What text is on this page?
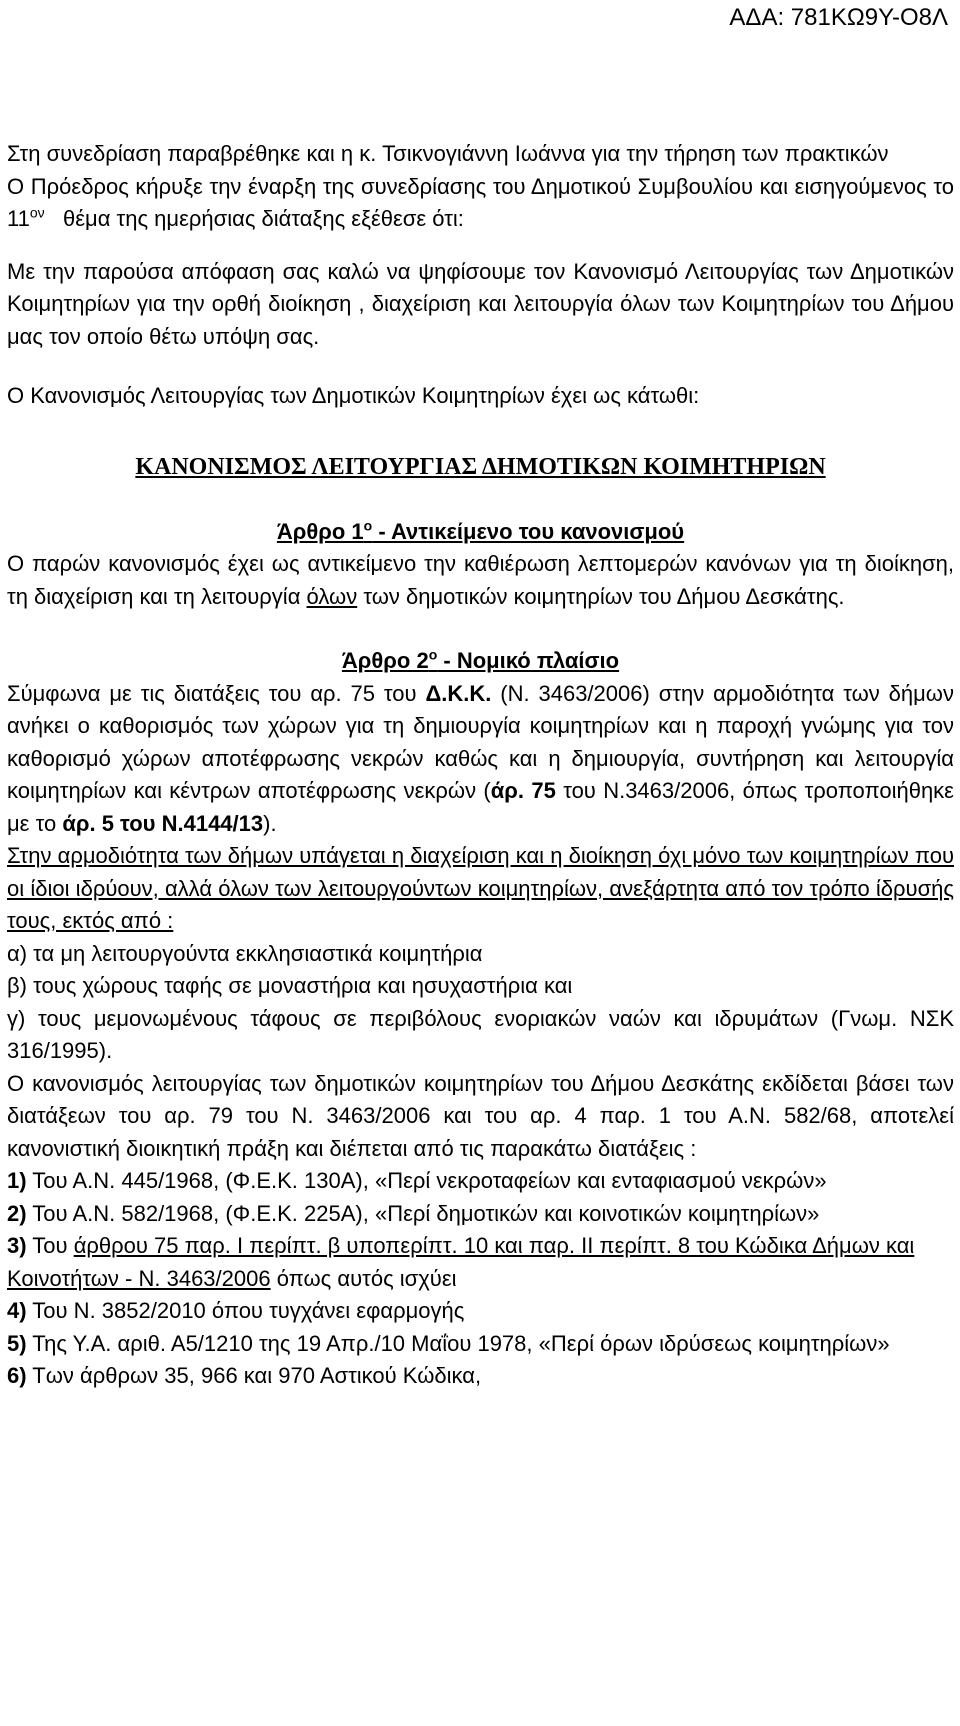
ΑΔΑ: 781ΚΩ9Υ-Ο8Λ

Στη συνεδρίαση παραβρέθηκε και η κ. Τσικνογιάννη Ιωάννα για την τήρηση των πρακτικών

Ο Πρόεδρος κήρυξε την έναρξη της συνεδρίασης του Δημοτικού Συμβουλίου και εισηγούμενος το $11^{o\nu}$   θέμα της ημερήσιας διάταξης εξέθεσε ότι:

Με την παρούσα απόφαση σας καλώ να ψηφίσουμε τον Κανονισμό Λειτουργίας των Δημοτικών Κοιμητηρίων για την ορθή διοίκηση , διαχείριση και λειτουργία όλων των Κοιμητηρίων του Δήμου μας τον οποίο θέτω υπόψη σας.

Ο Κανονισμός Λειτουργίας των Δημοτικών Κοιμητηρίων έχει ως κάτωθι:

ΚΑΝΟΝΙΣΜΟΣ ΛΕΙΤΟΥΡΓΙΑΣ ΔΗΜΟΤΙΚΩΝ ΚΟΙΜΗΤΗΡΙΩΝ

Άρθρο $1^o$ - Αντικείμενο του κανονισμού

Ο παρών κανονισμός έχει ως αντικείμενο την καθιέρωση λεπτομερών κανόνων για τη διοίκηση, τη διαχείριση και τη λειτουργία όλων των δημοτικών κοιμητηρίων του Δήμου Δεσκάτης.

Άρθρο $2^o$ - Νομικό πλαίσιο

Σύμφωνα με τις διατάξεις του αρ. 75 του Δ.Κ.Κ. (Ν. 3463/2006) στην αρμοδιότητα των δήμων ανήκει ο καθορισμός των χώρων για τη δημιουργία κοιμητηρίων και η παροχή γνώμης για τον καθορισμό χώρων αποτέφρωσης νεκρών καθώς και η δημιουργία, συντήρηση και λειτουργία κοιμητηρίων και κέντρων αποτέφρωσης νεκρών (άρ. 75 του Ν.3463/2006, όπως τροποποιήθηκε με το άρ. 5 του Ν.4144/13).

Στην αρμοδιότητα των δήμων υπάγεται η διαχείριση και η διοίκηση όχι μόνο των κοιμητηρίων που οι ίδιοι ιδρύουν, αλλά όλων των λειτουργούντων κοιμητηρίων, ανεξάρτητα από τον τρόπο ίδρυσής τους, εκτός από :

α) τα μη λειτουργούντα εκκλησιαστικά κοιμητήρια

β) τους χώρους ταφής σε μοναστήρια και ησυχαστήρια και

γ) τους μεμονωμένους τάφους σε περιβόλους ενοριακών ναών και ιδρυμάτων (Γνωμ. ΝΣΚ 316/1995).

Ο κανονισμός λειτουργίας των δημοτικών κοιμητηρίων του Δήμου Δεσκάτης εκδίδεται βάσει των διατάξεων του αρ. 79 του Ν. 3463/2006 και του αρ. 4 παρ. 1 του Α.Ν. 582/68, αποτελεί κανονιστική διοικητική πράξη και διέπεται από τις παρακάτω διατάξεις :

1) Του Α.Ν. 445/1968, (Φ.Ε.Κ. 130Α), «Περί νεκροταφείων και ενταφιασμού νεκρών»

2) Του Α.Ν. 582/1968, (Φ.Ε.Κ. 225Α), «Περί δημοτικών και κοινοτικών κοιμητηρίων»

3) Του άρθρου 75 παρ. Ι περίπτ. β υποπερίπτ. 10 και παρ. ΙΙ περίπτ. 8 του Κώδικα Δήμων και Κοινοτήτων - Ν. 3463/2006 όπως αυτός ισχύει

4) Του Ν. 3852/2010 όπου τυγχάνει εφαρμογής

5) Της Υ.Α. αριθ. Α5/1210 της 19 Απρ./10 Μαΐου 1978, «Περί όρων ιδρύσεως κοιμητηρίων»

6) Των άρθρων 35, 966 και 970 Αστικού Κώδικα,
